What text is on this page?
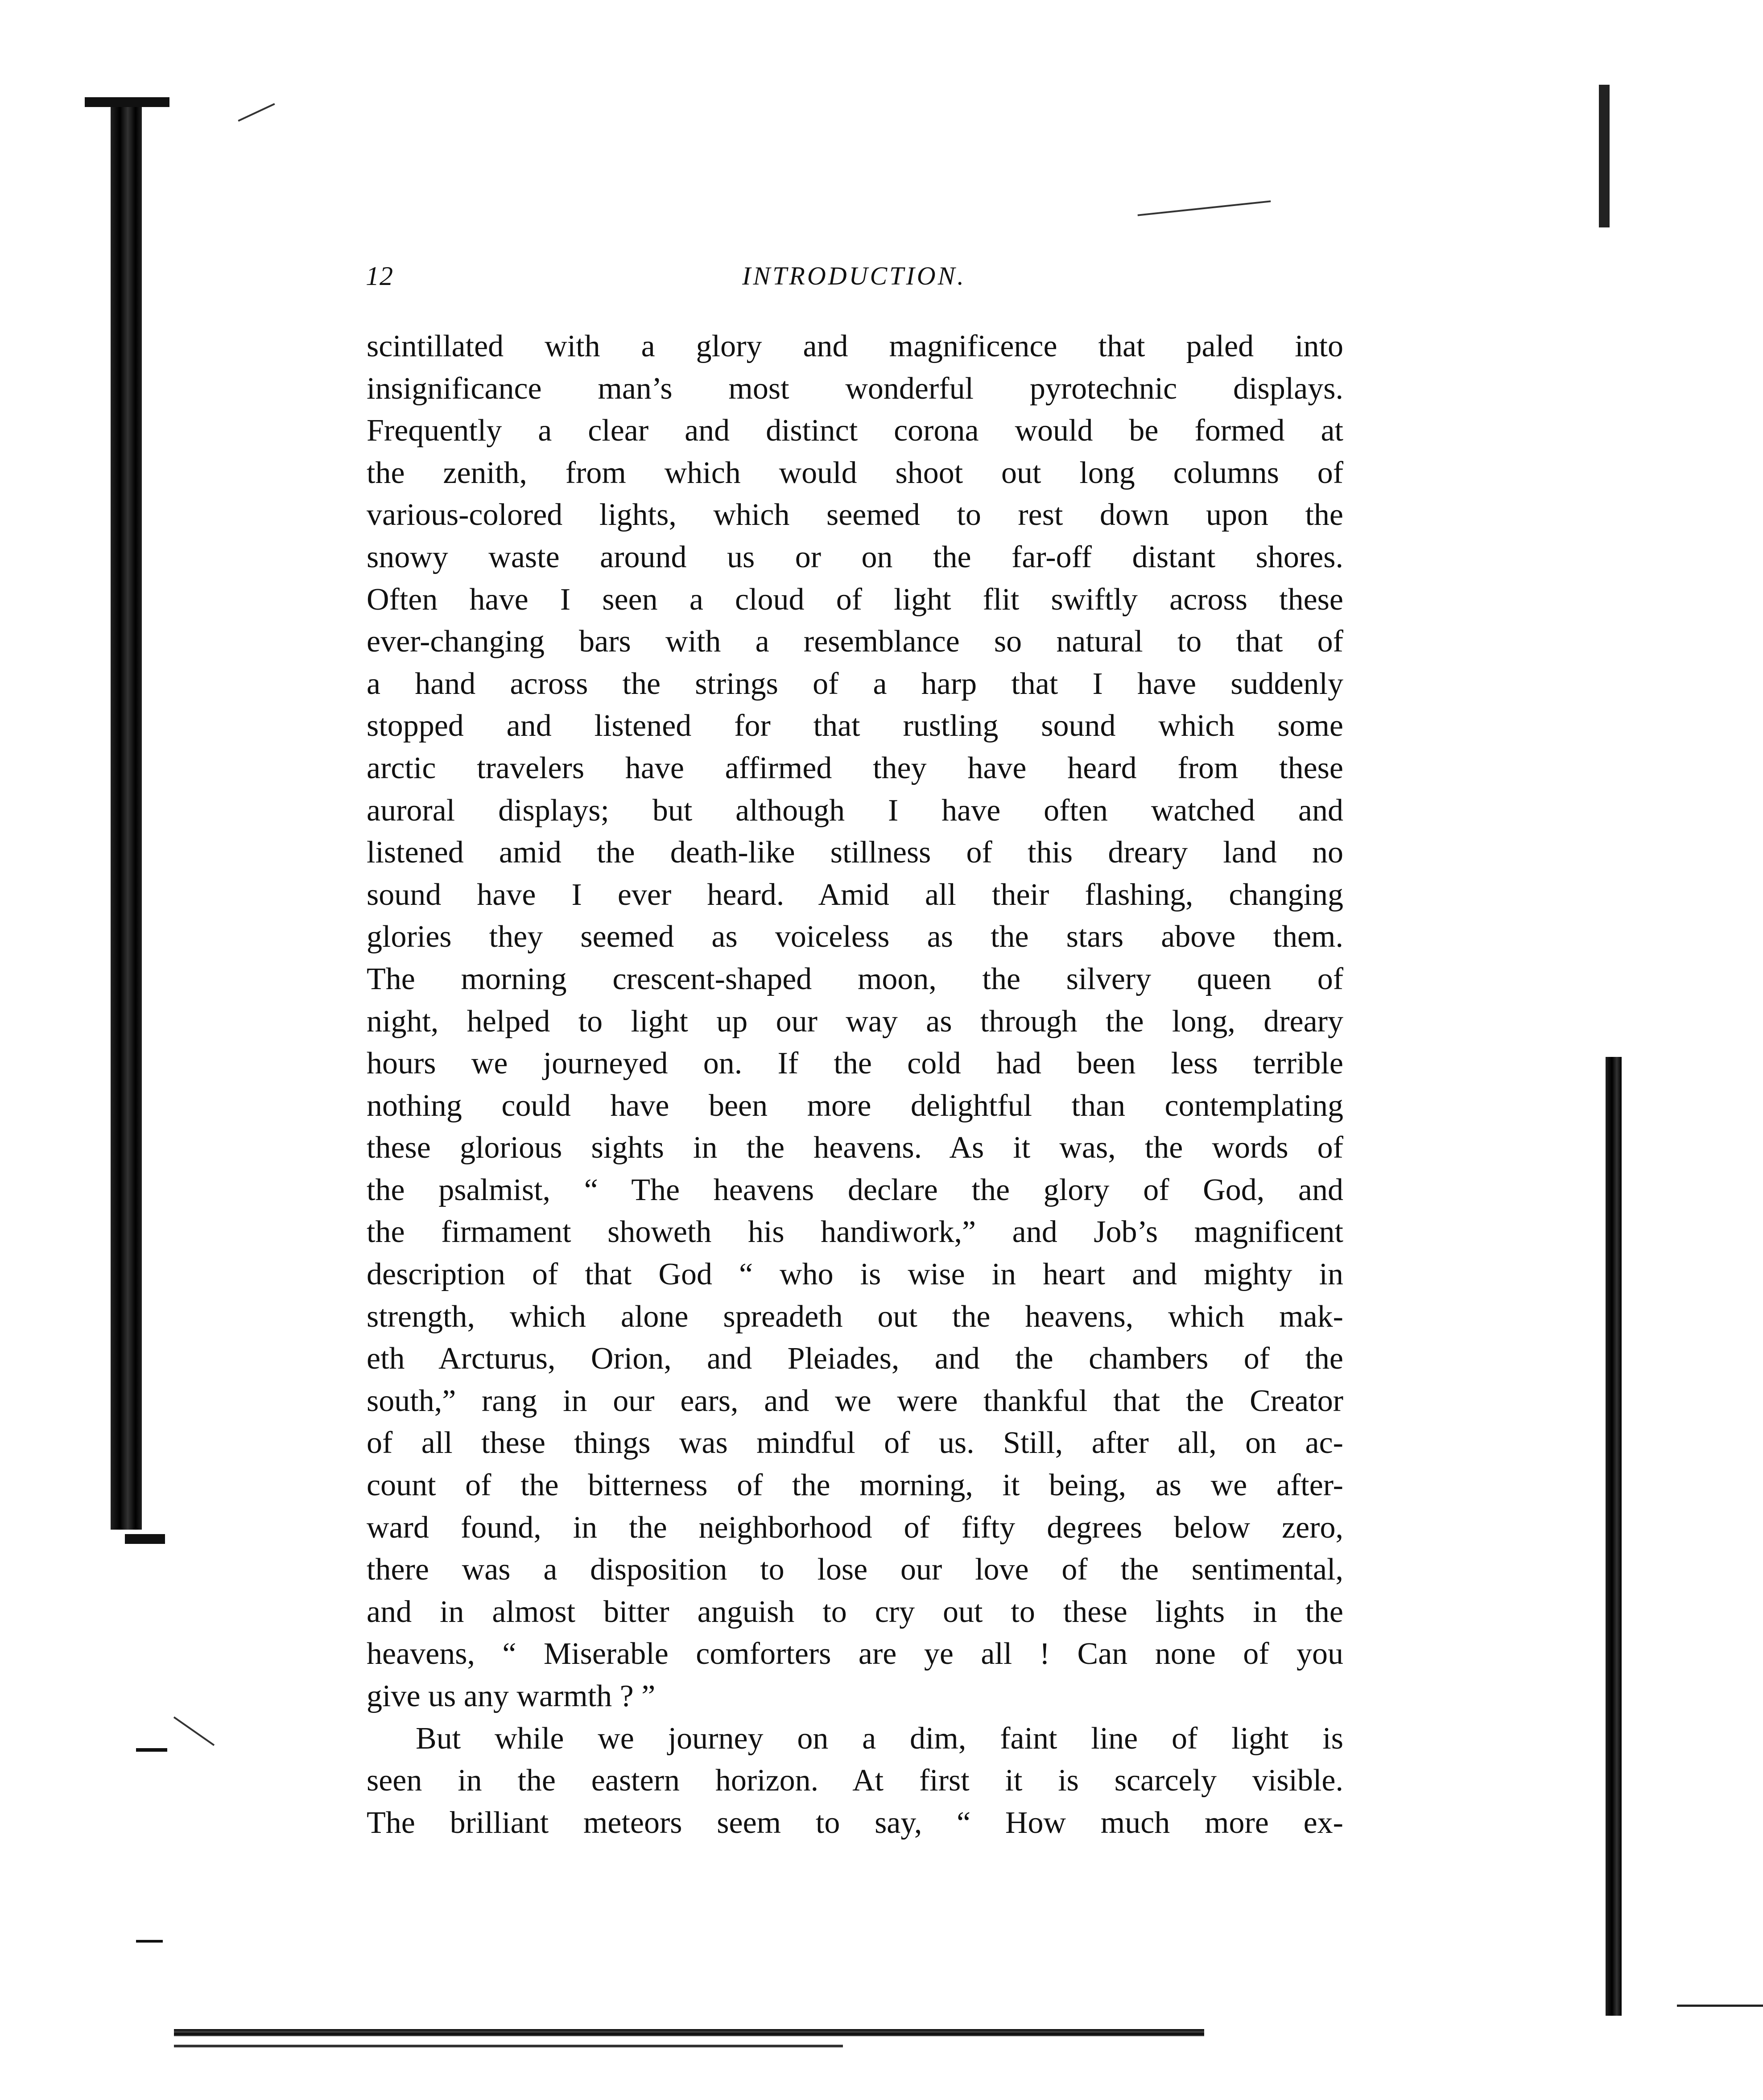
12	INTRODUCTION.
scintillated with a glory and magnificence that paled into
insignificance man’s most wonderful pyrotechnic displays.
Frequently a clear and distinct corona would be formed at
the zenith, from which would shoot out long columns of
various-colored lights, which seemed to rest down upon the
snowy waste around us or on the far-off distant shores.
Often have I seen a cloud of light flit swiftly across these
ever-changing bars with a resemblance so natural to that of
a hand across the strings of a harp that I have suddenly
stopped and listened for that rustling sound which some
arctic travelers have affirmed they have heard from these
auroral displays; but although I have often watched and
listened amid the death-like stillness of this dreary land no
sound have I ever heard. Amid all their flashing, changing
glories they seemed as voiceless as the stars above them.
The morning crescent-shaped moon, the silvery queen of
night, helped to light up our way as through the long, dreary
hours we journeyed on. If the cold had been less terrible
nothing could have been more delightful than contemplating
these glorious sights in the heavens. As it was, the words of
the psalmist, “ The heavens declare the glory of God, and
the firmament showeth his handiwork,” and Job’s magnificent
description of that God “ who is wise in heart and mighty in
strength, which alone spreadeth out the heavens, which mak-
eth Arcturus, Orion, and Pleiades, and the chambers of the
south,” rang in our ears, and we were thankful that the Creator
of all these things was mindful of us. Still, after all, on ac-
count of the bitterness of the morning, it being, as we after-
ward found, in the neighborhood of fifty degrees below zero,
there was a disposition to lose our love of the sentimental,
and in almost bitter anguish to cry out to these lights in the
heavens, “ Miserable comforters are ye all ! Can none of you
give us any warmth ? ”
But while we journey on a dim, faint line of light is
seen in the eastern horizon. At first it is scarcely visible.
The brilliant meteors seem to say, “ How much more ex-
